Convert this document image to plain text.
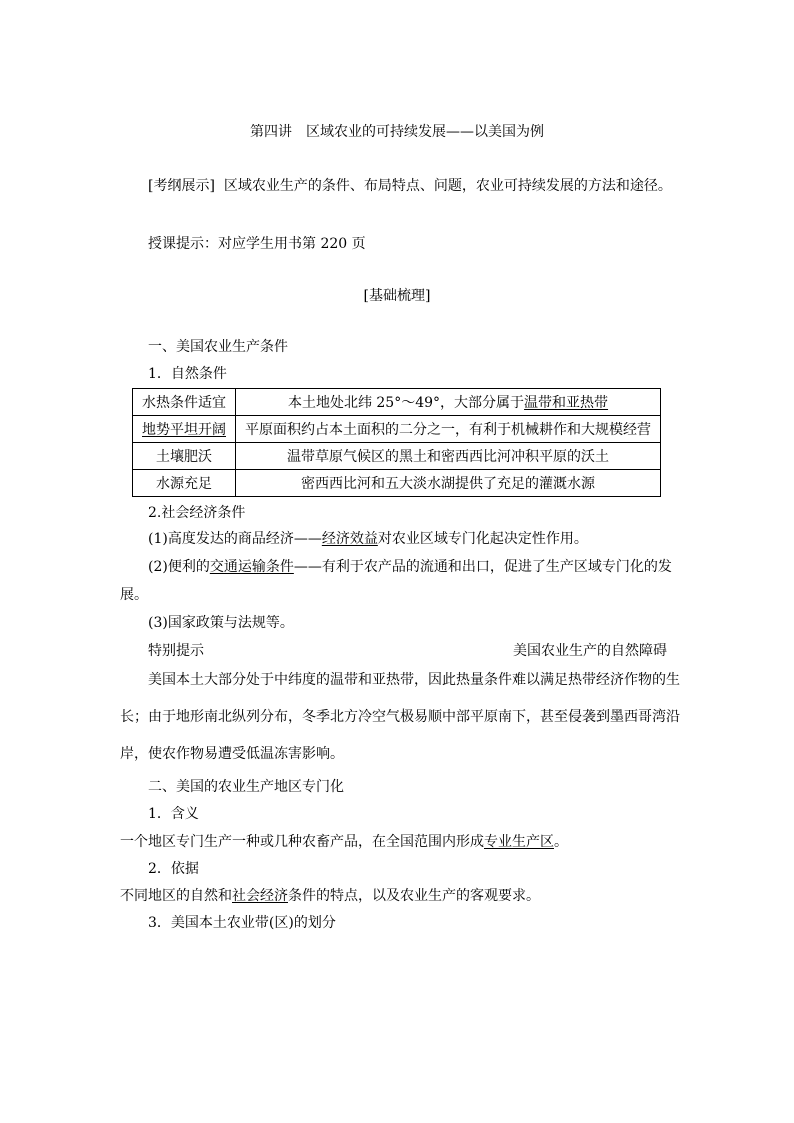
第四讲　区域农业的可持续发展——以美国为例
[考纲展示] 区域农业生产的条件、布局特点、问题，农业可持续发展的方法和途径。
授课提示：对应学生用书第 220 页
[基础梳理]
一、美国农业生产条件
1．自然条件
水热条件适宜	本土地处北纬 25°～49°，大部分属于温带和亚热带
地势平坦开阔	平原面积约占本土面积的二分之一，有利于机械耕作和大规模经营
土壤肥沃	温带草原气候区的黑土和密西西比河冲积平原的沃土
水源充足	密西西比河和五大淡水湖提供了充足的灌溉水源
2.社会经济条件
(1)高度发达的商品经济——经济效益对农业区域专门化起决定性作用。
(2)便利的交通运输条件——有利于农产品的流通和出口，促进了生产区域专门化的发
展。
(3)国家政策与法规等。
特别提示	美国农业生产的自然障碍
美国本土大部分处于中纬度的温带和亚热带，因此热量条件难以满足热带经济作物的生
长；由于地形南北纵列分布，冬季北方冷空气极易顺中部平原南下，甚至侵袭到墨西哥湾沿
岸，使农作物易遭受低温冻害影响。
二、美国的农业生产地区专门化
1．含义
一个地区专门生产一种或几种农畜产品，在全国范围内形成专业生产区。
2．依据
不同地区的自然和社会经济条件的特点，以及农业生产的客观要求。
3．美国本土农业带(区)的划分
